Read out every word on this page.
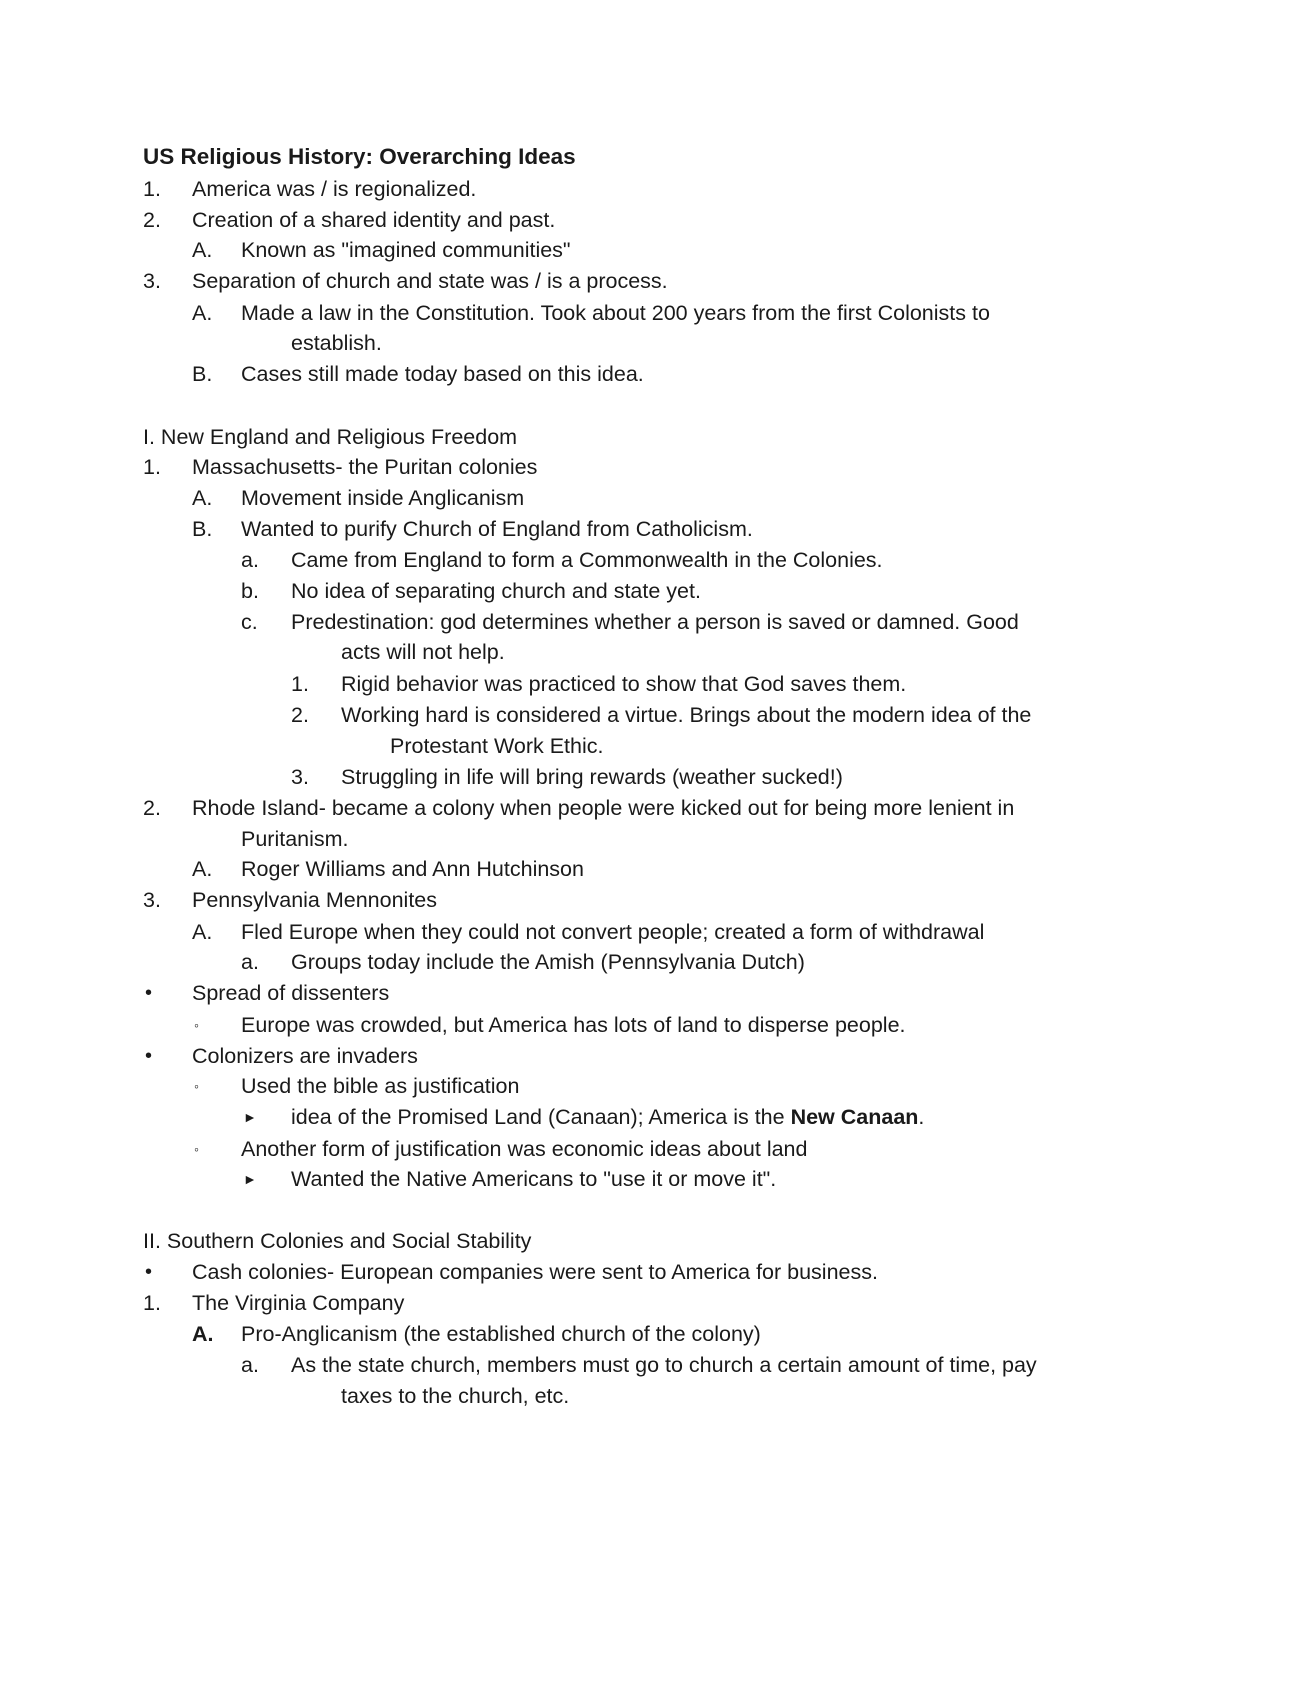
US Religious History: Overarching Ideas
1. America was / is regionalized.
2. Creation of a shared identity and past.
A. Known as "imagined communities"
3. Separation of church and state was / is a process.
A. Made a law in the Constitution. Took about 200 years from the first Colonists to
establish.
B. Cases still made today based on this idea.
I. New England and Religious Freedom
1. Massachusetts- the Puritan colonies
A. Movement inside Anglicanism
B. Wanted to purify Church of England from Catholicism.
a. Came from England to form a Commonwealth in the Colonies.
b. No idea of separating church and state yet.
c. Predestination: god determines whether a person is saved or damned. Good
acts will not help.
1. Rigid behavior was practiced to show that God saves them.
2. Working hard is considered a virtue. Brings about the modern idea of the
Protestant Work Ethic.
3. Struggling in life will bring rewards (weather sucked!)
2. Rhode Island- became a colony when people were kicked out for being more lenient in
Puritanism.
A. Roger Williams and Ann Hutchinson
3. Pennsylvania Mennonites
A. Fled Europe when they could not convert people; created a form of withdrawal
a. Groups today include the Amish (Pennsylvania Dutch)
• Spread of dissenters
◦ Europe was crowded, but America has lots of land to disperse people.
• Colonizers are invaders
◦ Used the bible as justification
► idea of the Promised Land (Canaan); America is the New Canaan.
◦ Another form of justification was economic ideas about land
► Wanted the Native Americans to "use it or move it".
II. Southern Colonies and Social Stability
• Cash colonies- European companies were sent to America for business.
1. The Virginia Company
A. Pro-Anglicanism (the established church of the colony)
a. As the state church, members must go to church a certain amount of time, pay
taxes to the church, etc.
